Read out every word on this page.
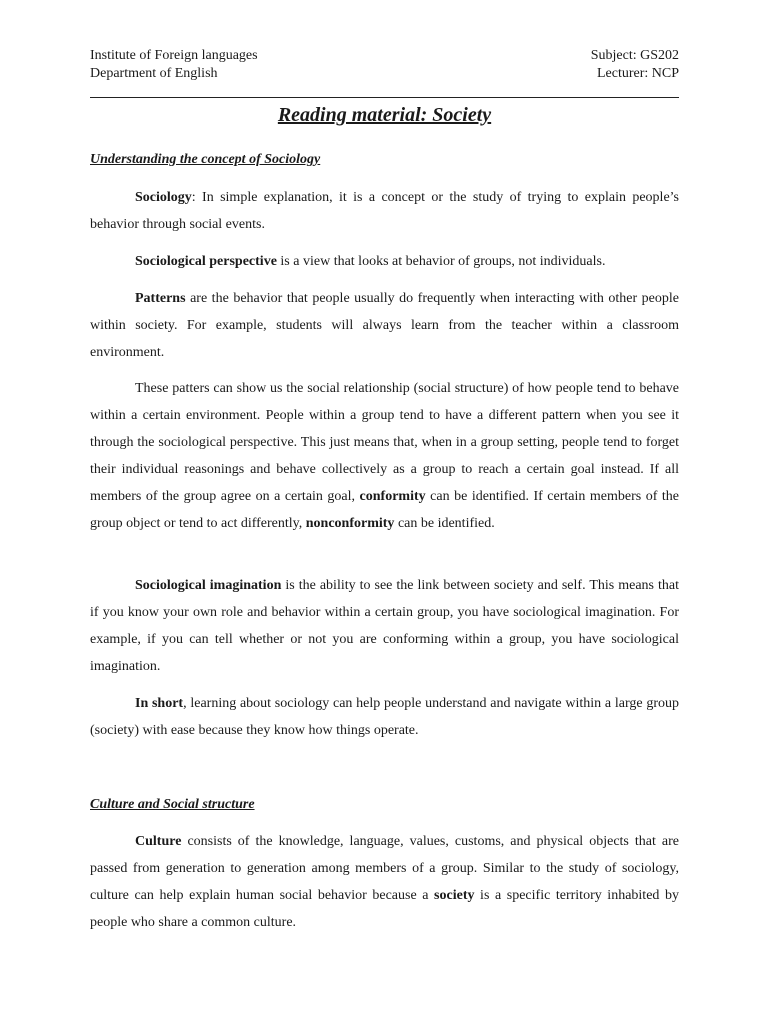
Institute of Foreign languages
Department of English
Subject: GS202
Lecturer: NCP
Reading material: Society
Understanding the concept of Sociology

Sociology: In simple explanation, it is a concept or the study of trying to explain people’s behavior through social events.

Sociological perspective is a view that looks at behavior of groups, not individuals.

Patterns are the behavior that people usually do frequently when interacting with other people within society. For example, students will always learn from the teacher within a classroom environment.

These patters can show us the social relationship (social structure) of how people tend to behave within a certain environment. People within a group tend to have a different pattern when you see it through the sociological perspective. This just means that, when in a group setting, people tend to forget their individual reasonings and behave collectively as a group to reach a certain goal instead. If all members of the group agree on a certain goal, conformity can be identified. If certain members of the group object or tend to act differently, nonconformity can be identified.

Sociological imagination is the ability to see the link between society and self. This means that if you know your own role and behavior within a certain group, you have sociological imagination. For example, if you can tell whether or not you are conforming within a group, you have sociological imagination.

In short, learning about sociology can help people understand and navigate within a large group (society) with ease because they know how things operate.

Culture and Social structure

Culture consists of the knowledge, language, values, customs, and physical objects that are passed from generation to generation among members of a group. Similar to the study of sociology, culture can help explain human social behavior because a society is a specific territory inhabited by people who share a common culture.
